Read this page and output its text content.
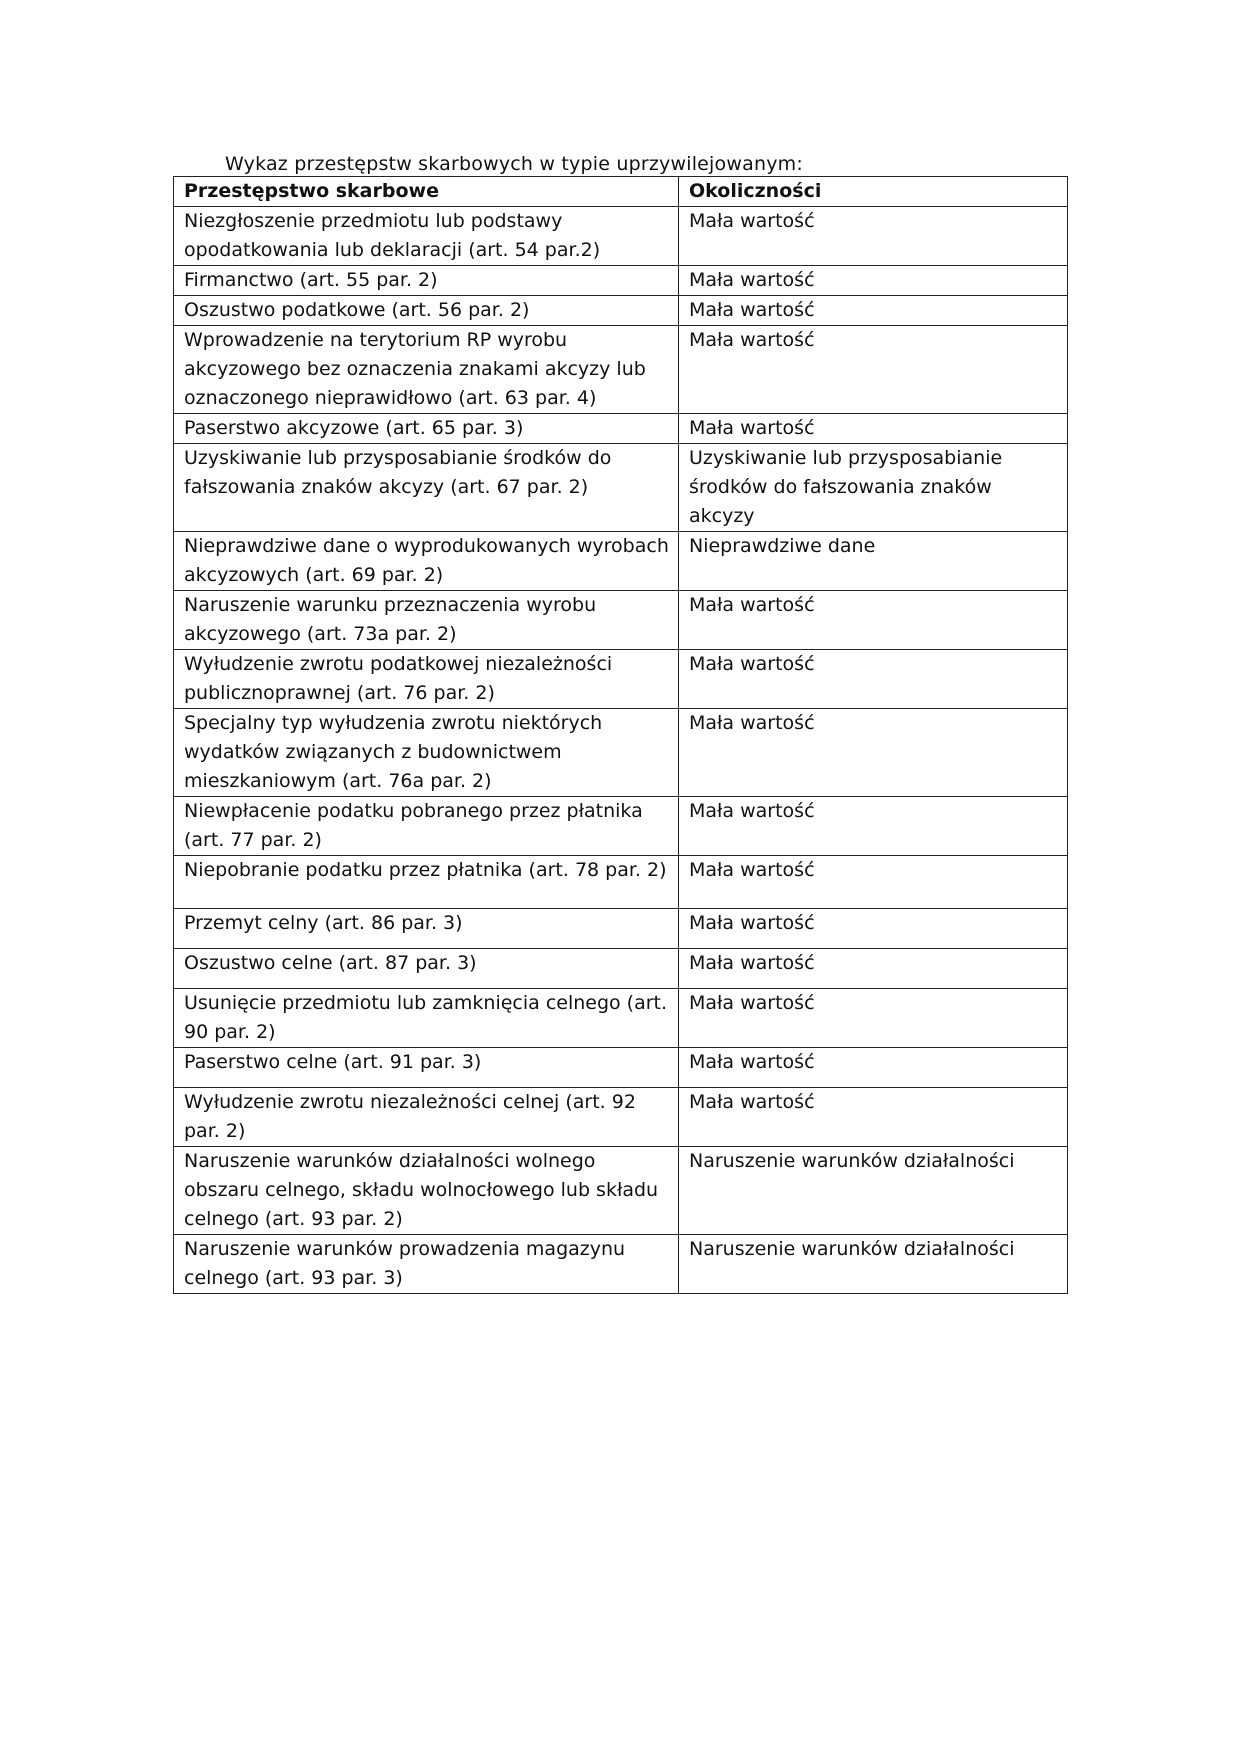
Wykaz przestępstw skarbowych w typie uprzywilejowanym:
Przestępstwo skarbowe	Okoliczności
Niezgłoszenie przedmiotu lub podstawy opodatkowania lub deklaracji (art. 54 par.2)	Mała wartość
Firmanctwo (art. 55 par. 2)	Mała wartość
Oszustwo podatkowe (art. 56 par. 2)	Mała wartość
Wprowadzenie na terytorium RP wyrobu akcyzowego bez oznaczenia znakami akcyzy lub oznaczonego nieprawidłowo (art. 63 par. 4)	Mała wartość
Paserstwo akcyzowe (art. 65 par. 3)	Mała wartość
Uzyskiwanie lub przysposabianie środków do fałszowania znaków akcyzy (art. 67 par. 2)	Uzyskiwanie lub przysposabianie środków do fałszowania znaków akcyzy
Nieprawdziwe dane o wyprodukowanych wyrobach akcyzowych (art. 69 par. 2)	Nieprawdziwe dane
Naruszenie warunku przeznaczenia wyrobu akcyzowego (art. 73a par. 2)	Mała wartość
Wyłudzenie zwrotu podatkowej niezależności publicznoprawnej (art. 76 par. 2)	Mała wartość
Specjalny typ wyłudzenia zwrotu niektórych wydatków związanych z budownictwem mieszkaniowym (art. 76a par. 2)	Mała wartość
Niewpłacenie podatku pobranego przez płatnika (art. 77 par. 2)	Mała wartość
Niepobranie podatku przez płatnika (art. 78 par. 2)	Mała wartość
Przemyt celny (art. 86 par. 3)	Mała wartość
Oszustwo celne (art. 87 par. 3)	Mała wartość
Usunięcie przedmiotu lub zamknięcia celnego (art. 90 par. 2)	Mała wartość
Paserstwo celne (art. 91 par. 3)	Mała wartość
Wyłudzenie zwrotu niezależności celnej (art. 92 par. 2)	Mała wartość
Naruszenie warunków działalności wolnego obszaru celnego, składu wolnocłowego lub składu celnego (art. 93 par. 2)	Naruszenie warunków działalności
Naruszenie warunków prowadzenia magazynu celnego (art. 93 par. 3)	Naruszenie warunków działalności
